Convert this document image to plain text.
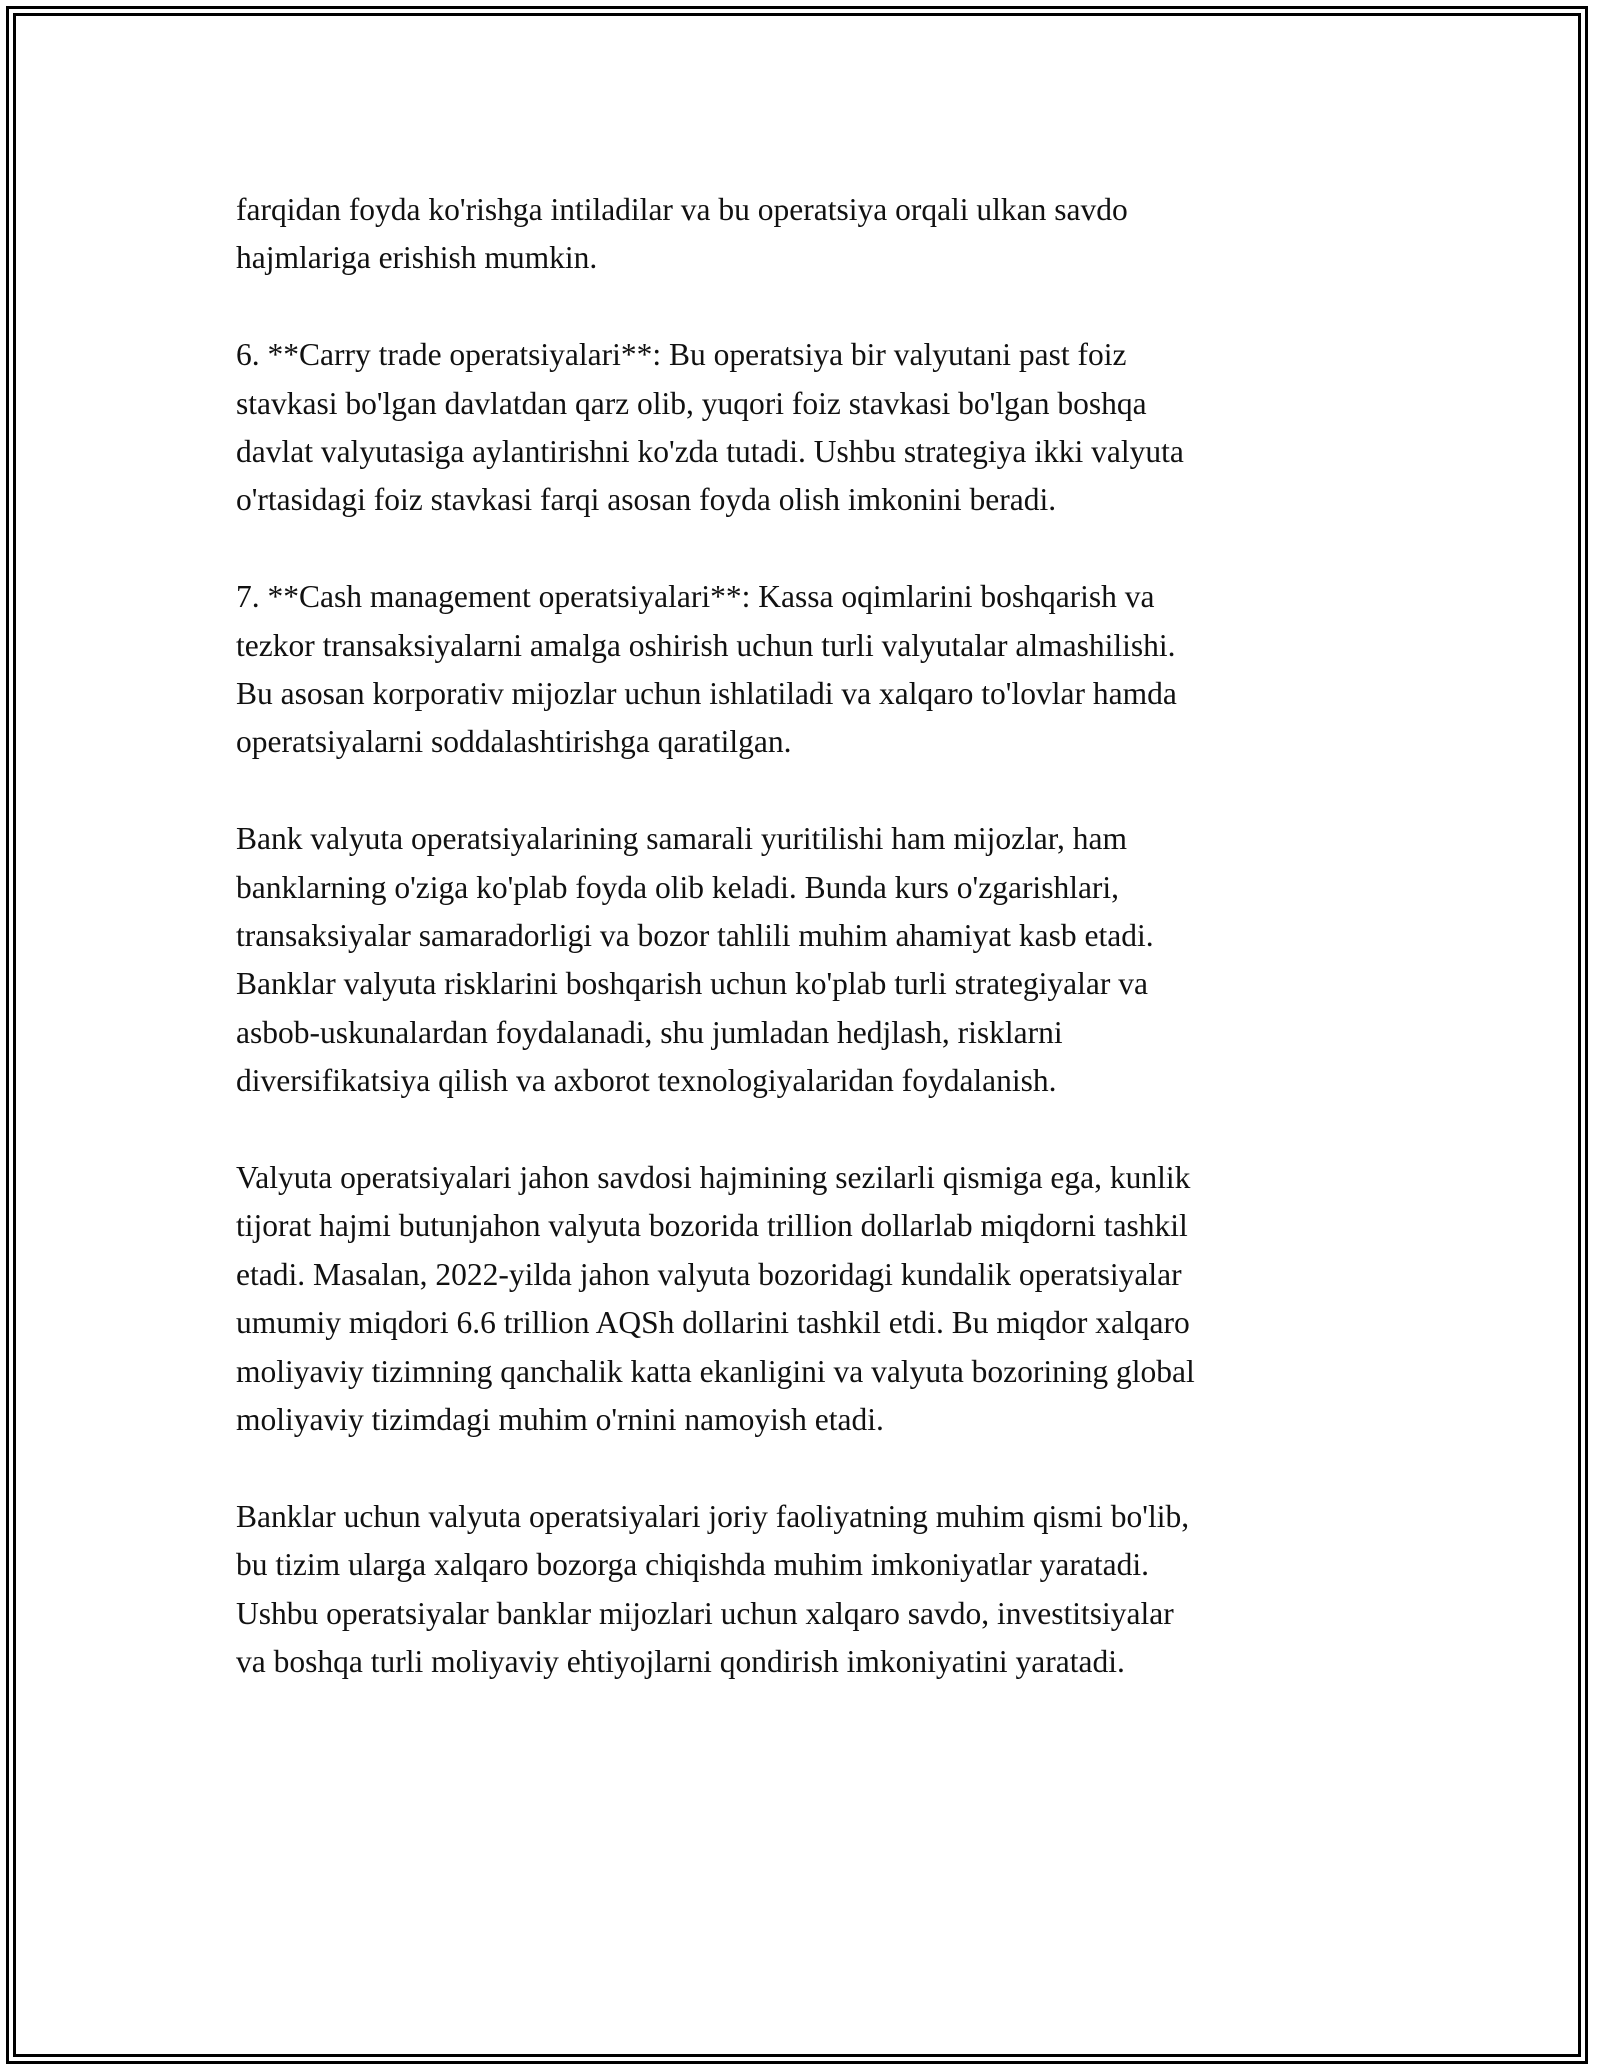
farqidan foyda ko'rishga intiladilar va bu operatsiya orqali ulkan savdo
hajmlariga erishish mumkin.

6. **Carry trade operatsiyalari**: Bu operatsiya bir valyutani past foiz
stavkasi bo'lgan davlatdan qarz olib, yuqori foiz stavkasi bo'lgan boshqa
davlat valyutasiga aylantirishni ko'zda tutadi. Ushbu strategiya ikki valyuta
o'rtasidagi foiz stavkasi farqi asosan foyda olish imkonini beradi.

7. **Cash management operatsiyalari**: Kassa oqimlarini boshqarish va
tezkor transaksiyalarni amalga oshirish uchun turli valyutalar almashilishi.
Bu asosan korporativ mijozlar uchun ishlatiladi va xalqaro to'lovlar hamda
operatsiyalarni soddalashtirishga qaratilgan.

Bank valyuta operatsiyalarining samarali yuritilishi ham mijozlar, ham
banklarning o'ziga ko'plab foyda olib keladi. Bunda kurs o'zgarishlari,
transaksiyalar samaradorligi va bozor tahlili muhim ahamiyat kasb etadi.
Banklar valyuta risklarini boshqarish uchun ko'plab turli strategiyalar va
asbob-uskunalardan foydalanadi, shu jumladan hedjlash, risklarni
diversifikatsiya qilish va axborot texnologiyalaridan foydalanish.

Valyuta operatsiyalari jahon savdosi hajmining sezilarli qismiga ega, kunlik
tijorat hajmi butunjahon valyuta bozorida trillion dollarlab miqdorni tashkil
etadi. Masalan, 2022-yilda jahon valyuta bozoridagi kundalik operatsiyalar
umumiy miqdori 6.6 trillion AQSh dollarini tashkil etdi. Bu miqdor xalqaro
moliyaviy tizimning qanchalik katta ekanligini va valyuta bozorining global
moliyaviy tizimdagi muhim o'rnini namoyish etadi.

Banklar uchun valyuta operatsiyalari joriy faoliyatning muhim qismi bo'lib,
bu tizim ularga xalqaro bozorga chiqishda muhim imkoniyatlar yaratadi.
Ushbu operatsiyalar banklar mijozlari uchun xalqaro savdo, investitsiyalar
va boshqa turli moliyaviy ehtiyojlarni qondirish imkoniyatini yaratadi.
